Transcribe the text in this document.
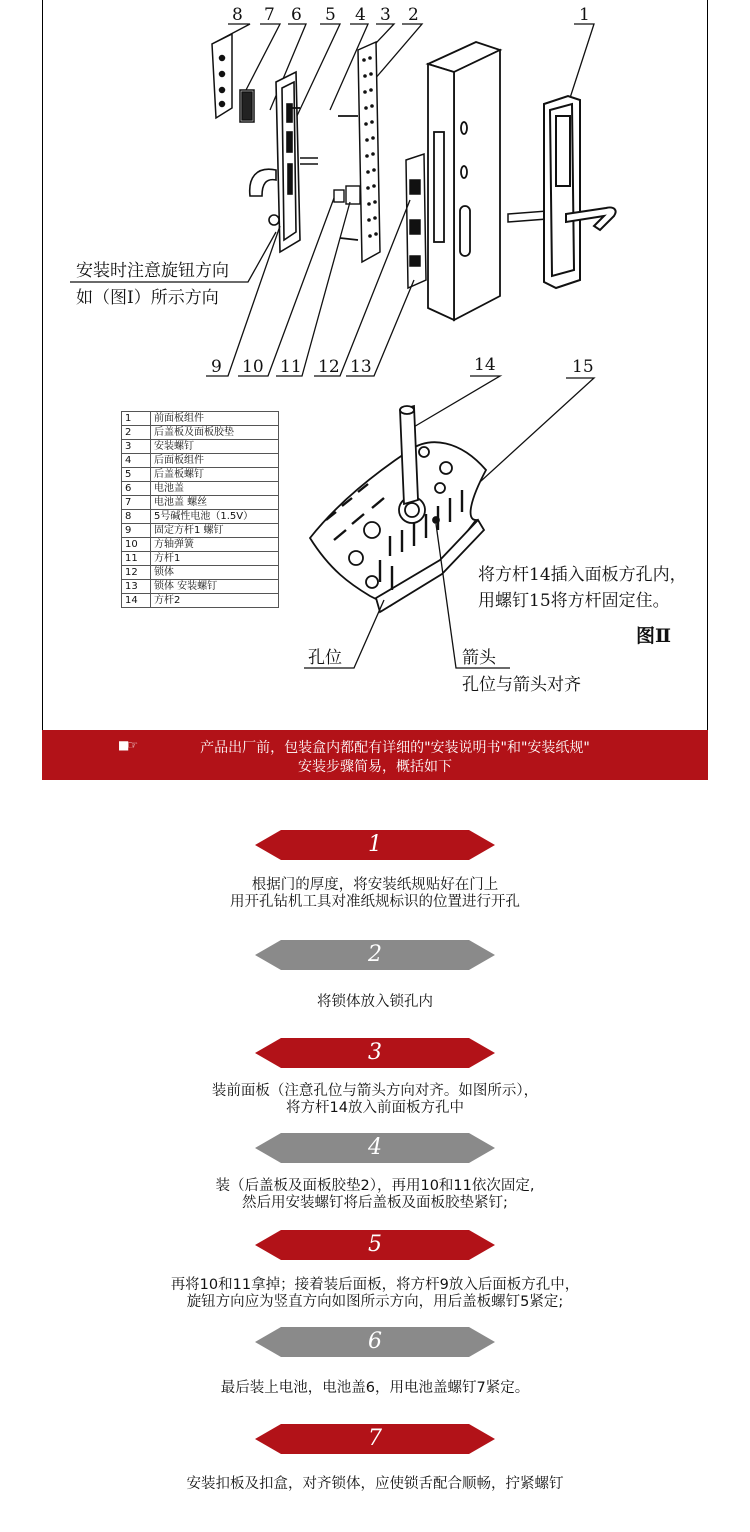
8 7 6 5 4 3 2	1
安装时注意旋钮方向
如（图Ⅰ）所示方向
9 10 11 12 13	14	15
将方杆14插入面板方孔内，
用螺钉15将方杆固定住。
图Ⅱ
孔位	箭头
孔位与箭头对齐
1	前面板组件
2	后盖板及面板胶垫
3	安装螺钉
4	后面板组件
5	后盖板螺钉
6	电池盖
7	电池盖 螺丝
8	5号碱性电池（1.5V）
9	固定方杆1 螺钉
10	方轴弹簧
11	方杆1
12	锁体
13	锁体 安装螺钉
14	方杆2
■☞	产品出厂前，包装盒内都配有详细的"安装说明书"和"安装纸规"
安装步骤简易，概括如下
1
根据门的厚度，将安装纸规贴好在门上
用开孔钻机工具对准纸规标识的位置进行开孔
2
将锁体放入锁孔内
3
装前面板（注意孔位与箭头方向对齐。如图所示），
将方杆14放入前面板方孔中
4
装（后盖板及面板胶垫2），再用10和11依次固定,
然后用安装螺钉将后盖板及面板胶垫紧钉;
5
再将10和11拿掉；接着装后面板，将方杆9放入后面板方孔中，
旋钮方向应为竖直方向如图所示方向，用后盖板螺钉5紧定;
6
最后装上电池，电池盖6，用电池盖螺钉7紧定。
7
安装扣板及扣盒，对齐锁体，应使锁舌配合顺畅，拧紧螺钉
